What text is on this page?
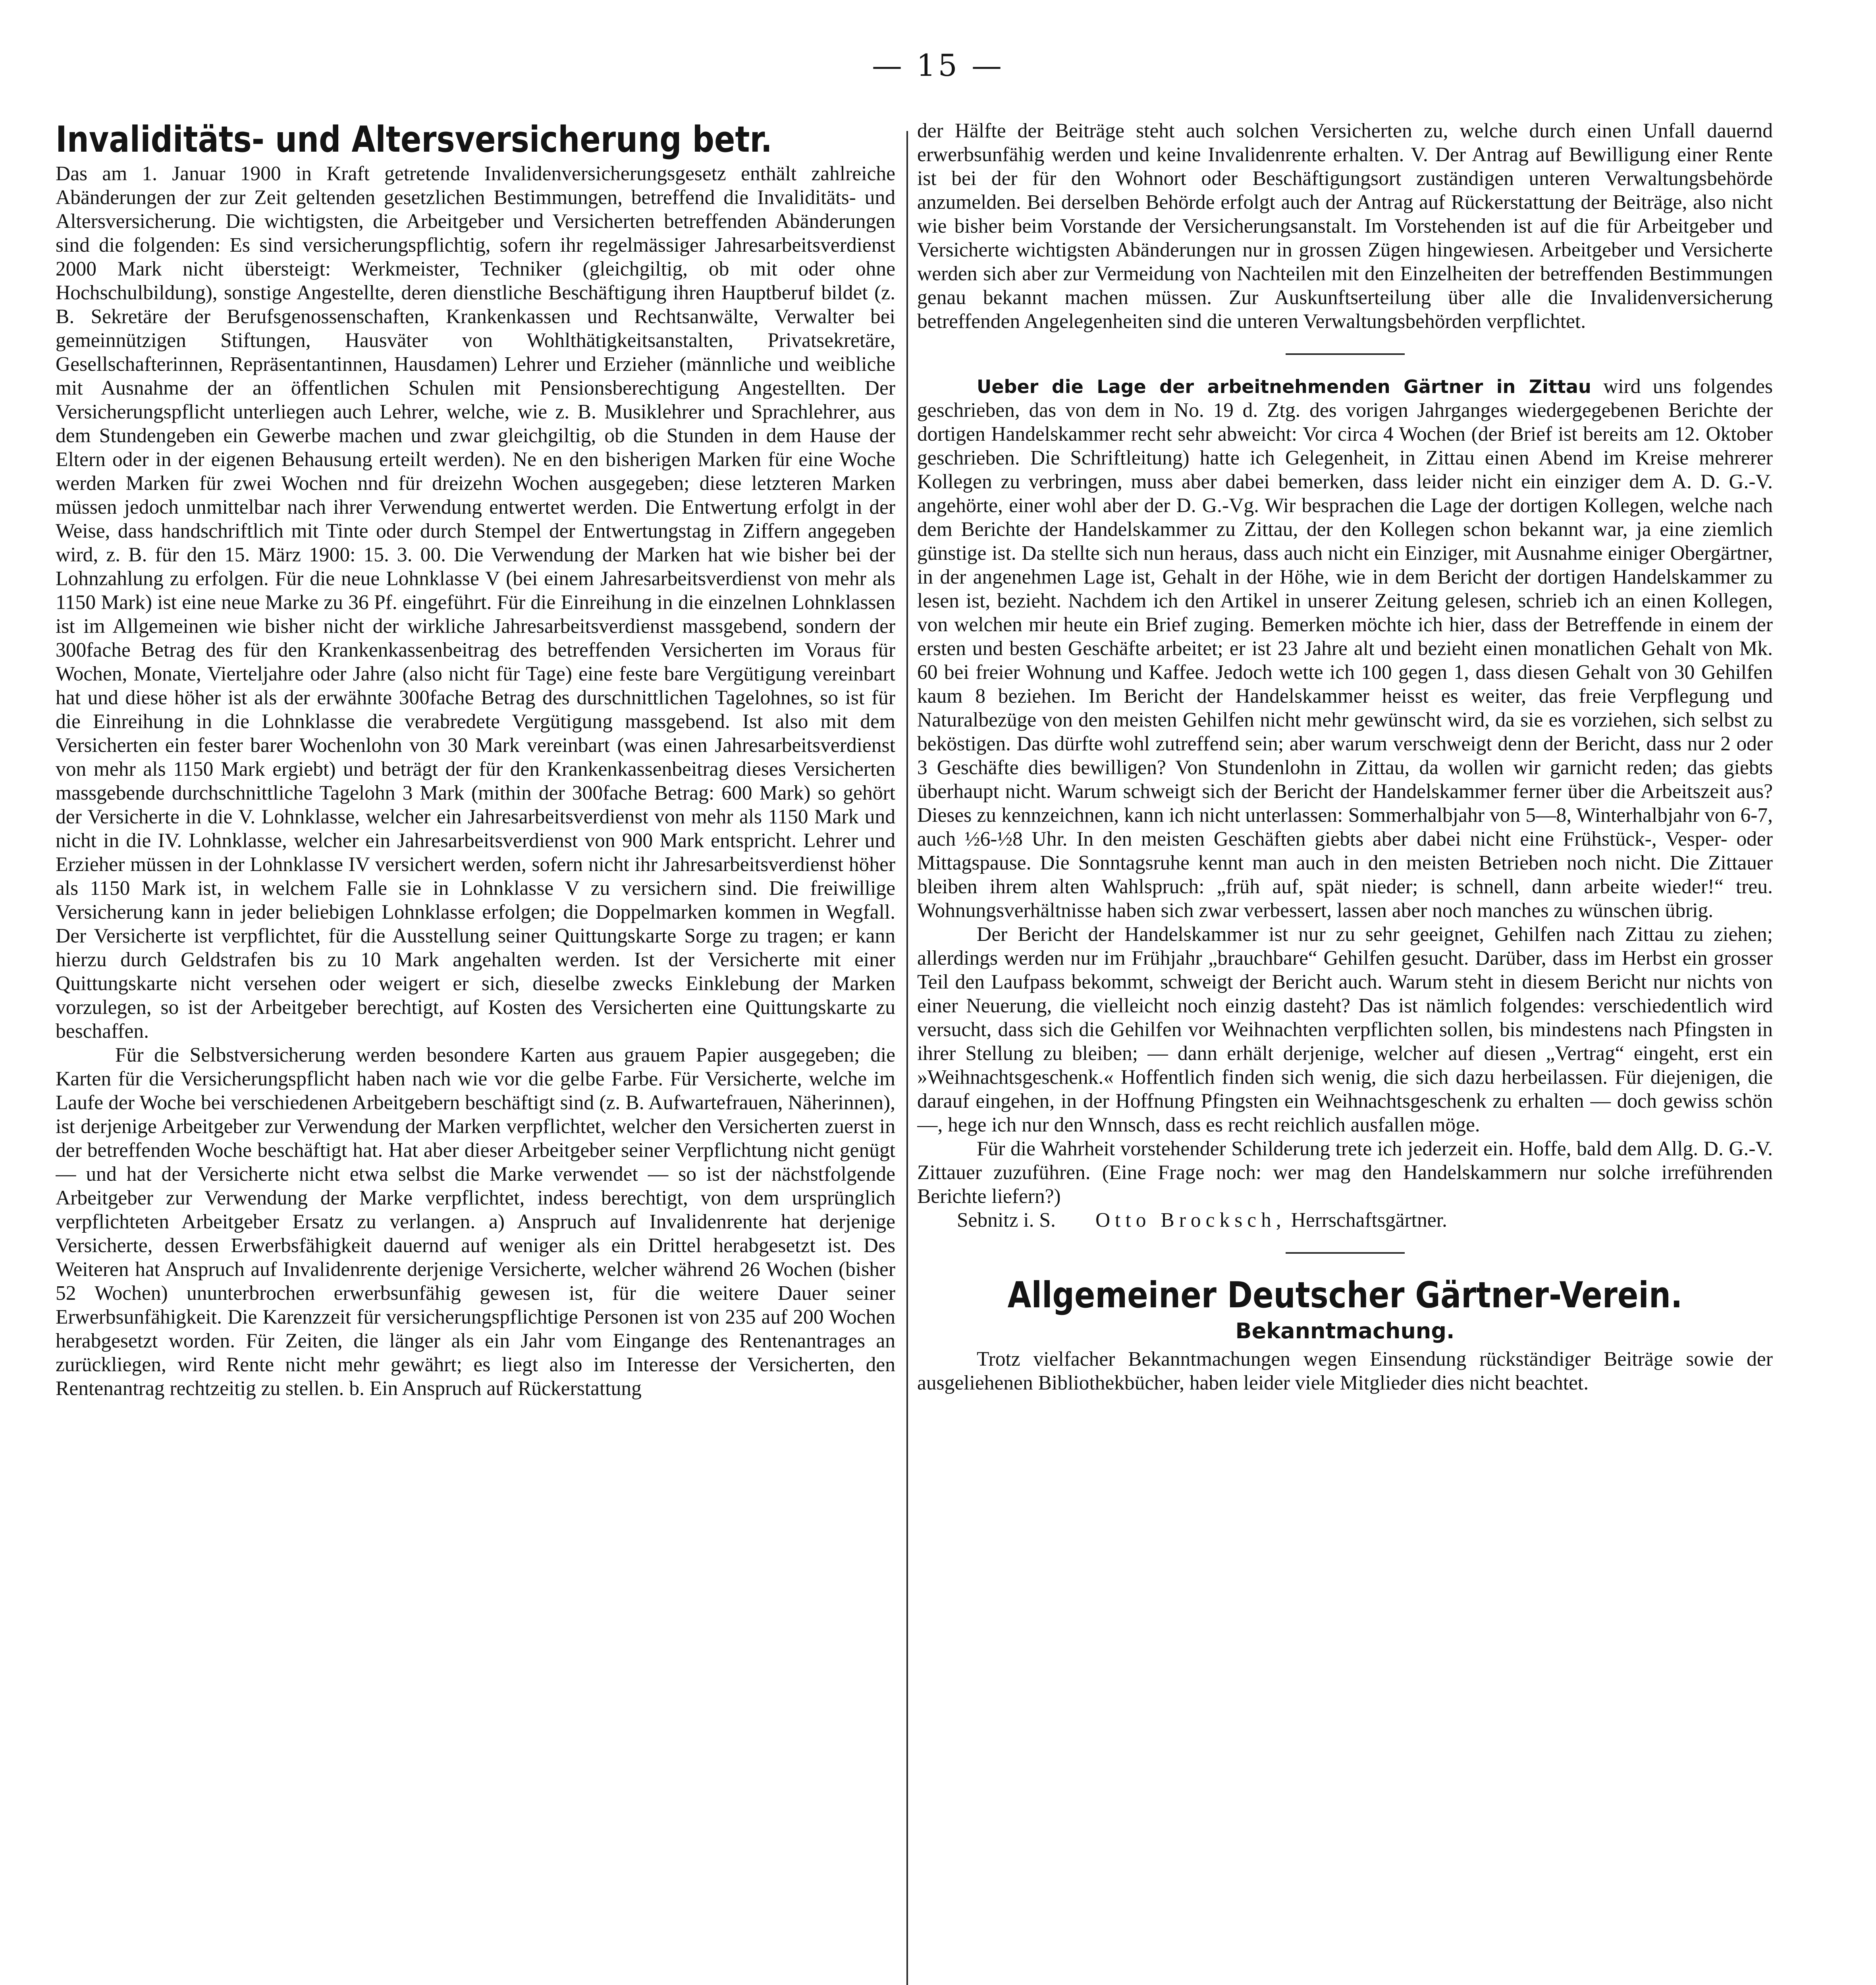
— 15 —
Invaliditäts- und Altersversicherung betr.

Das am 1. Januar 1900 in Kraft getretende Invalidenversicherungsgesetz enthält zahlreiche Abänderungen der zur Zeit geltenden gesetzlichen Bestimmungen, betreffend die Invaliditäts- und Altersversicherung. Die wichtigsten, die Arbeitgeber und Versicherten betreffenden Abänderungen sind die folgenden: Es sind versicherungspflichtig, sofern ihr regelmässiger Jahresarbeitsverdienst 2000 Mark nicht übersteigt: Werkmeister, Techniker (gleichgiltig, ob mit oder ohne Hochschulbildung), sonstige Angestellte, deren dienstliche Beschäftigung ihren Hauptberuf bildet (z. B. Sekretäre der Berufsgenossenschaften, Krankenkassen und Rechtsanwälte, Verwalter bei gemeinnützigen Stiftungen, Hausväter von Wohlthätigkeitsanstalten, Privatsekretäre, Gesellschafterinnen, Repräsentantinnen, Hausdamen) Lehrer und Erzieher (männliche und weibliche mit Ausnahme der an öffentlichen Schulen mit Pensionsberechtigung Angestellten. Der Versicherungspflicht unterliegen auch Lehrer, welche, wie z. B. Musiklehrer und Sprachlehrer, aus dem Stundengeben ein Gewerbe machen und zwar gleichgiltig, ob die Stunden in dem Hause der Eltern oder in der eigenen Behausung erteilt werden). Ne en den bisherigen Marken für eine Woche werden Marken für zwei Wochen nnd für dreizehn Wochen ausgegeben; diese letzteren Marken müssen jedoch unmittelbar nach ihrer Verwendung entwertet werden. Die Entwertung erfolgt in der Weise, dass handschriftlich mit Tinte oder durch Stempel der Entwertungstag in Ziffern angegeben wird, z. B. für den 15. März 1900: 15. 3. 00. Die Verwendung der Marken hat wie bisher bei der Lohnzahlung zu erfolgen. Für die neue Lohnklasse V (bei einem Jahresarbeitsverdienst von mehr als 1150 Mark) ist eine neue Marke zu 36 Pf. eingeführt. Für die Einreihung in die einzelnen Lohnklassen ist im Allgemeinen wie bisher nicht der wirkliche Jahresarbeitsverdienst massgebend, sondern der 300fache Betrag des für den Krankenkassenbeitrag des betreffenden Versicherten im Voraus für Wochen, Monate, Vierteljahre oder Jahre (also nicht für Tage) eine feste bare Vergütigung vereinbart hat und diese höher ist als der erwähnte 300fache Betrag des durschnittlichen Tagelohnes, so ist für die Einreihung in die Lohnklasse die verabredete Vergütigung massgebend. Ist also mit dem Versicherten ein fester barer Wochenlohn von 30 Mark vereinbart (was einen Jahresarbeitsverdienst von mehr als 1150 Mark ergiebt) und beträgt der für den Krankenkassenbeitrag dieses Versicherten massgebende durchschnittliche Tagelohn 3 Mark (mithin der 300fache Betrag: 600 Mark) so gehört der Versicherte in die V. Lohnklasse, welcher ein Jahresarbeitsverdienst von mehr als 1150 Mark und nicht in die IV. Lohnklasse, welcher ein Jahresarbeitsverdienst von 900 Mark entspricht. Lehrer und Erzieher müssen in der Lohnklasse IV versichert werden, sofern nicht ihr Jahresarbeitsverdienst höher als 1150 Mark ist, in welchem Falle sie in Lohnklasse V zu versichern sind. Die freiwillige Versicherung kann in jeder beliebigen Lohnklasse erfolgen; die Doppelmarken kommen in Wegfall. Der Versicherte ist verpflichtet, für die Ausstellung seiner Quittungskarte Sorge zu tragen; er kann hierzu durch Geldstrafen bis zu 10 Mark angehalten werden. Ist der Versicherte mit einer Quittungskarte nicht versehen oder weigert er sich, dieselbe zwecks Einklebung der Marken vorzulegen, so ist der Arbeitgeber berechtigt, auf Kosten des Versicherten eine Quittungskarte zu beschaffen.

Für die Selbstversicherung werden besondere Karten aus grauem Papier ausgegeben; die Karten für die Versicherungspflicht haben nach wie vor die gelbe Farbe. Für Versicherte, welche im Laufe der Woche bei verschiedenen Arbeitgebern beschäftigt sind (z. B. Aufwartefrauen, Näherinnen), ist derjenige Arbeitgeber zur Verwendung der Marken verpflichtet, welcher den Versicherten zuerst in der betreffenden Woche beschäftigt hat. Hat aber dieser Arbeitgeber seiner Verpflichtung nicht genügt — und hat der Versicherte nicht etwa selbst die Marke verwendet — so ist der nächstfolgende Arbeitgeber zur Verwendung der Marke verpflichtet, indess berechtigt, von dem ursprünglich verpflichteten Arbeitgeber Ersatz zu verlangen. a) Anspruch auf Invalidenrente hat derjenige Versicherte, dessen Erwerbsfähigkeit dauernd auf weniger als ein Drittel herabgesetzt ist. Des Weiteren hat Anspruch auf Invalidenrente derjenige Versicherte, welcher während 26 Wochen (bisher 52 Wochen) ununterbrochen erwerbsunfähig gewesen ist, für die weitere Dauer seiner Erwerbsunfähigkeit. Die Karenzzeit für versicherungspflichtige Personen ist von 235 auf 200 Wochen herabgesetzt worden. Für Zeiten, die länger als ein Jahr vom Eingange des Rentenantrages an zurückliegen, wird Rente nicht mehr gewährt; es liegt also im Interesse der Versicherten, den Rentenantrag rechtzeitig zu stellen. b. Ein Anspruch auf Rückerstattung

der Hälfte der Beiträge steht auch solchen Versicherten zu, welche durch einen Unfall dauernd erwerbsunfähig werden und keine Invalidenrente erhalten. V. Der Antrag auf Bewilligung einer Rente ist bei der für den Wohnort oder Beschäftigungsort zuständigen unteren Verwaltungsbehörde anzumelden. Bei derselben Behörde erfolgt auch der Antrag auf Rückerstattung der Beiträge, also nicht wie bisher beim Vorstande der Versicherungsanstalt. Im Vorstehenden ist auf die für Arbeitgeber und Versicherte wichtigsten Abänderungen nur in grossen Zügen hingewiesen. Arbeitgeber und Versicherte werden sich aber zur Vermeidung von Nachteilen mit den Einzelheiten der betreffenden Bestimmungen genau bekannt machen müssen. Zur Auskunftserteilung über alle die Invalidenversicherung betreffenden Angelegenheiten sind die unteren Verwaltungsbehörden verpflichtet.

Ueber die Lage der arbeitnehmenden Gärtner in Zittau wird uns folgendes geschrieben, das von dem in No. 19 d. Ztg. des vorigen Jahrganges wiedergegebenen Berichte der dortigen Handelskammer recht sehr abweicht: Vor circa 4 Wochen (der Brief ist bereits am 12. Oktober geschrieben. Die Schriftleitung) hatte ich Gelegenheit, in Zittau einen Abend im Kreise mehrerer Kollegen zu verbringen, muss aber dabei bemerken, dass leider nicht ein einziger dem A. D. G.-V. angehörte, einer wohl aber der D. G.-Vg. Wir besprachen die Lage der dortigen Kollegen, welche nach dem Berichte der Handelskammer zu Zittau, der den Kollegen schon bekannt war, ja eine ziemlich günstige ist. Da stellte sich nun heraus, dass auch nicht ein Einziger, mit Ausnahme einiger Obergärtner, in der angenehmen Lage ist, Gehalt in der Höhe, wie in dem Bericht der dortigen Handelskammer zu lesen ist, bezieht. Nachdem ich den Artikel in unserer Zeitung gelesen, schrieb ich an einen Kollegen, von welchen mir heute ein Brief zuging. Bemerken möchte ich hier, dass der Betreffende in einem der ersten und besten Geschäfte arbeitet; er ist 23 Jahre alt und bezieht einen monatlichen Gehalt von Mk. 60 bei freier Wohnung und Kaffee. Jedoch wette ich 100 gegen 1, dass diesen Gehalt von 30 Gehilfen kaum 8 beziehen. Im Bericht der Handelskammer heisst es weiter, das freie Verpflegung und Naturalbezüge von den meisten Gehilfen nicht mehr gewünscht wird, da sie es vorziehen, sich selbst zu beköstigen. Das dürfte wohl zutreffend sein; aber warum verschweigt denn der Bericht, dass nur 2 oder 3 Geschäfte dies bewilligen? Von Stundenlohn in Zittau, da wollen wir garnicht reden; das giebts überhaupt nicht. Warum schweigt sich der Bericht der Handelskammer ferner über die Arbeitszeit aus? Dieses zu kennzeichnen, kann ich nicht unterlassen: Sommerhalbjahr von 5—8, Winterhalbjahr von 6-7, auch ½6-½8 Uhr. In den meisten Geschäften giebts aber dabei nicht eine Frühstück-, Vesper- oder Mittagspause. Die Sonntagsruhe kennt man auch in den meisten Betrieben noch nicht. Die Zittauer bleiben ihrem alten Wahlspruch: „früh auf, spät nieder; is schnell, dann arbeite wieder!“ treu. Wohnungsverhältnisse haben sich zwar verbessert, lassen aber noch manches zu wünschen übrig.

Der Bericht der Handelskammer ist nur zu sehr geeignet, Gehilfen nach Zittau zu ziehen; allerdings werden nur im Frühjahr „brauchbare“ Gehilfen gesucht. Darüber, dass im Herbst ein grosser Teil den Laufpass bekommt, schweigt der Bericht auch. Warum steht in diesem Bericht nur nichts von einer Neuerung, die vielleicht noch einzig dasteht? Das ist nämlich folgendes: verschiedentlich wird versucht, dass sich die Gehilfen vor Weihnachten verpflichten sollen, bis mindestens nach Pfingsten in ihrer Stellung zu bleiben; — dann erhält derjenige, welcher auf diesen „Vertrag“ eingeht, erst ein »Weihnachtsgeschenk.« Hoffentlich finden sich wenig, die sich dazu herbeilassen. Für diejenigen, die darauf eingehen, in der Hoffnung Pfingsten ein Weihnachtsgeschenk zu erhalten — doch gewiss schön —, hege ich nur den Wnnsch, dass es recht reichlich ausfallen möge.

Für die Wahrheit vorstehender Schilderung trete ich jederzeit ein. Hoffe, bald dem Allg. D. G.-V. Zittauer zuzuführen. (Eine Frage noch: wer mag den Handelskammern nur solche irreführenden Berichte liefern?)

Sebnitz i. S. Otto Brocksch, Herrschaftsgärtner.
Allgemeiner Deutscher Gärtner-Verein.
Bekanntmachung.

Trotz vielfacher Bekanntmachungen wegen Einsendung rückständiger Beiträge sowie der ausgeliehenen Bibliothekbücher, haben leider viele Mitglieder dies nicht beachtet.
